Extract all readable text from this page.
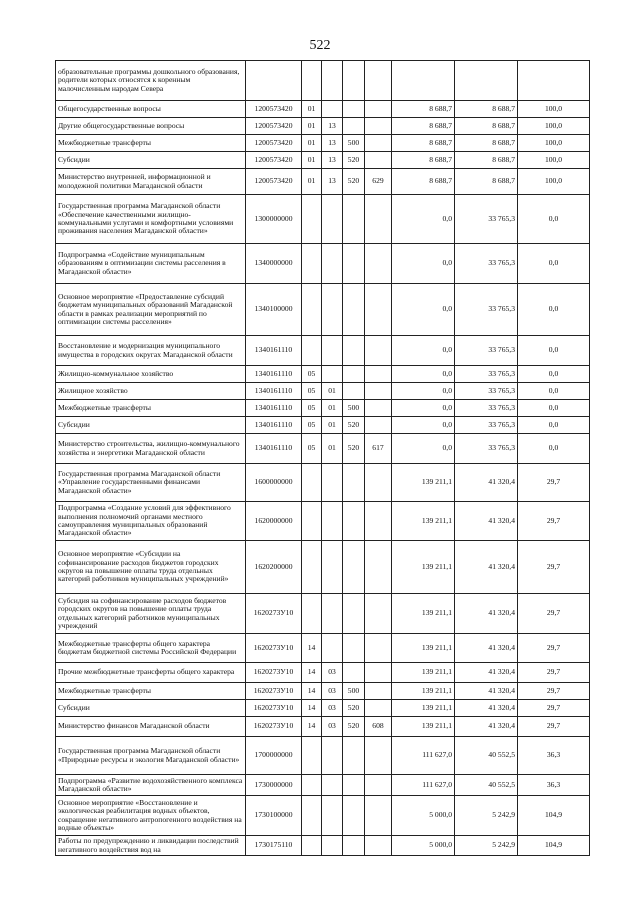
522
образовательные программы дошкольного образования, родители которых относятся к коренным малочисленным народам Севера								
Общегосударственные вопросы	1200573420	01				8 688,7	8 688,7	100,0
Другие общегосударственные вопросы	1200573420	01	13			8 688,7	8 688,7	100,0
Межбюджетные трансферты	1200573420	01	13	500		8 688,7	8 688,7	100,0
Субсидии	1200573420	01	13	520		8 688,7	8 688,7	100,0
Министерство внутренней, информационной и молодежной политики Магаданской области	1200573420	01	13	520	629	8 688,7	8 688,7	100,0
Государственная программа Магаданской области «Обеспечение качественными жилищно-коммунальными услугами и комфортными условиями проживания населения Магаданской области»	1300000000					0,0	33 765,3	0,0
Подпрограмма «Содействие муниципальным образованиям в оптимизации системы расселения в Магаданской области»	1340000000					0,0	33 765,3	0,0
Основное мероприятие «Предоставление субсидий бюджетам муниципальных образований Магаданской области в рамках реализации мероприятий по оптимизации системы расселения»	1340100000					0,0	33 765,3	0,0
Восстановление и модернизация муниципального имущества в городских округах Магаданской области	1340161110					0,0	33 765,3	0,0
Жилищно-коммунальное хозяйство	1340161110	05				0,0	33 765,3	0,0
Жилищное хозяйство	1340161110	05	01			0,0	33 765,3	0,0
Межбюджетные трансферты	1340161110	05	01	500		0,0	33 765,3	0,0
Субсидии	1340161110	05	01	520		0,0	33 765,3	0,0
Министерство строительства, жилищно-коммунального хозяйства и энергетики Магаданской области	1340161110	05	01	520	617	0,0	33 765,3	0,0
Государственная программа Магаданской области «Управление государственными финансами Магаданской области»	1600000000					139 211,1	41 320,4	29,7
Подпрограмма «Создание условий для эффективного выполнения полномочий органами местного самоуправления муниципальных образований Магаданской области»	1620000000					139 211,1	41 320,4	29,7
Основное мероприятие «Субсидии на софинансирование расходов бюджетов городских округов на повышение оплаты труда отдельных категорий работников муниципальных учреждений»	1620200000					139 211,1	41 320,4	29,7
Субсидия на софинансирование расходов бюджетов городских округов на повышение оплаты труда отдельных категорий работников муниципальных учреждений	1620273У10					139 211,1	41 320,4	29,7
Межбюджетные трансферты общего характера бюджетам бюджетной системы Российской Федерации	1620273У10	14				139 211,1	41 320,4	29,7
Прочие межбюджетные трансферты общего характера	1620273У10	14	03			139 211,1	41 320,4	29,7
Межбюджетные трансферты	1620273У10	14	03	500		139 211,1	41 320,4	29,7
Субсидии	1620273У10	14	03	520		139 211,1	41 320,4	29,7
Министерство финансов Магаданской области	1620273У10	14	03	520	608	139 211,1	41 320,4	29,7
Государственная программа Магаданской области «Природные ресурсы и экология Магаданской области»	1700000000					111 627,0	40 552,5	36,3
Подпрограмма «Развитие водохозяйственного комплекса Магаданской области»	1730000000					111 627,0	40 552,5	36,3
Основное мероприятие «Восстановление и экологическая реабилитация водных объектов, сокращение негативного антропогенного воздействия на водные объекты»	1730100000					5 000,0	5 242,9	104,9
Работы по предупреждению и ликвидации последствий негативного воздействия вод на	1730175110					5 000,0	5 242,9	104,9
